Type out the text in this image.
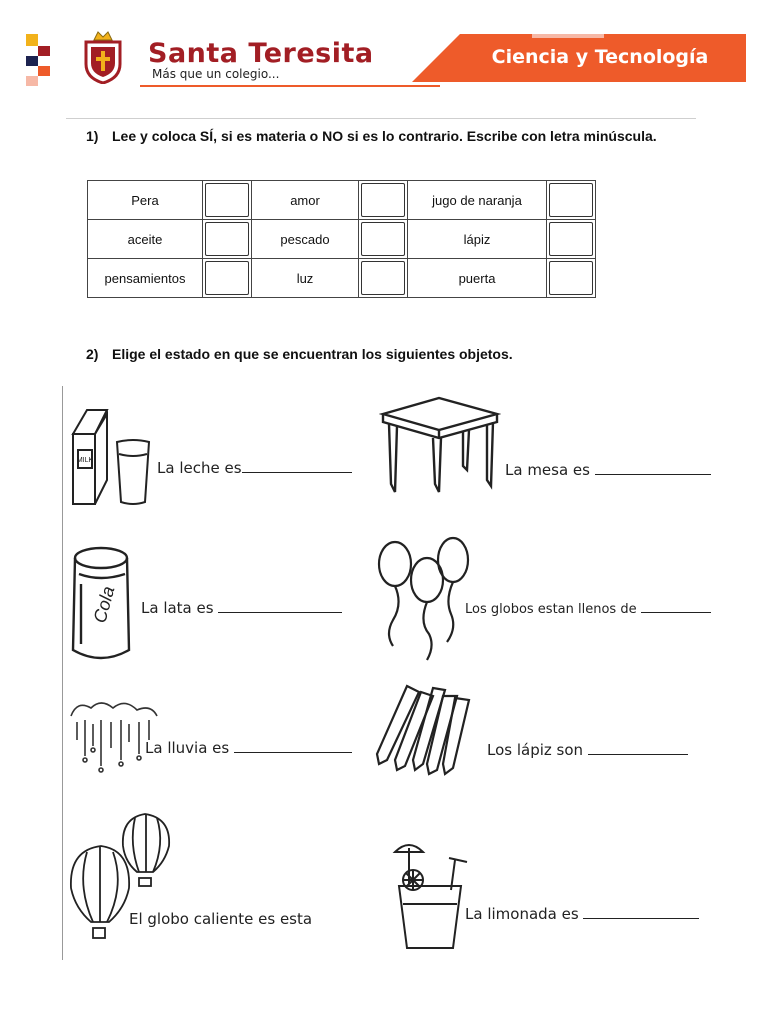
Santa Teresita
Más que un colegio...
Ciencia y Tecnología
1) Lee y coloca SÍ, si es materia o NO si es lo contrario. Escribe con letra minúscula.
Pera		amor		jugo de naranja	

aceite		pescado		lápiz	

pensamientos		luz		puerta	
2) Elige el estado en que se encuentran los siguientes objetos.
MILK	La leche es	La mesa es
Cola La lata es	Los globos estan llenos de
La lluvia es	Los lápiz son
El globo caliente es esta	La limonada es
